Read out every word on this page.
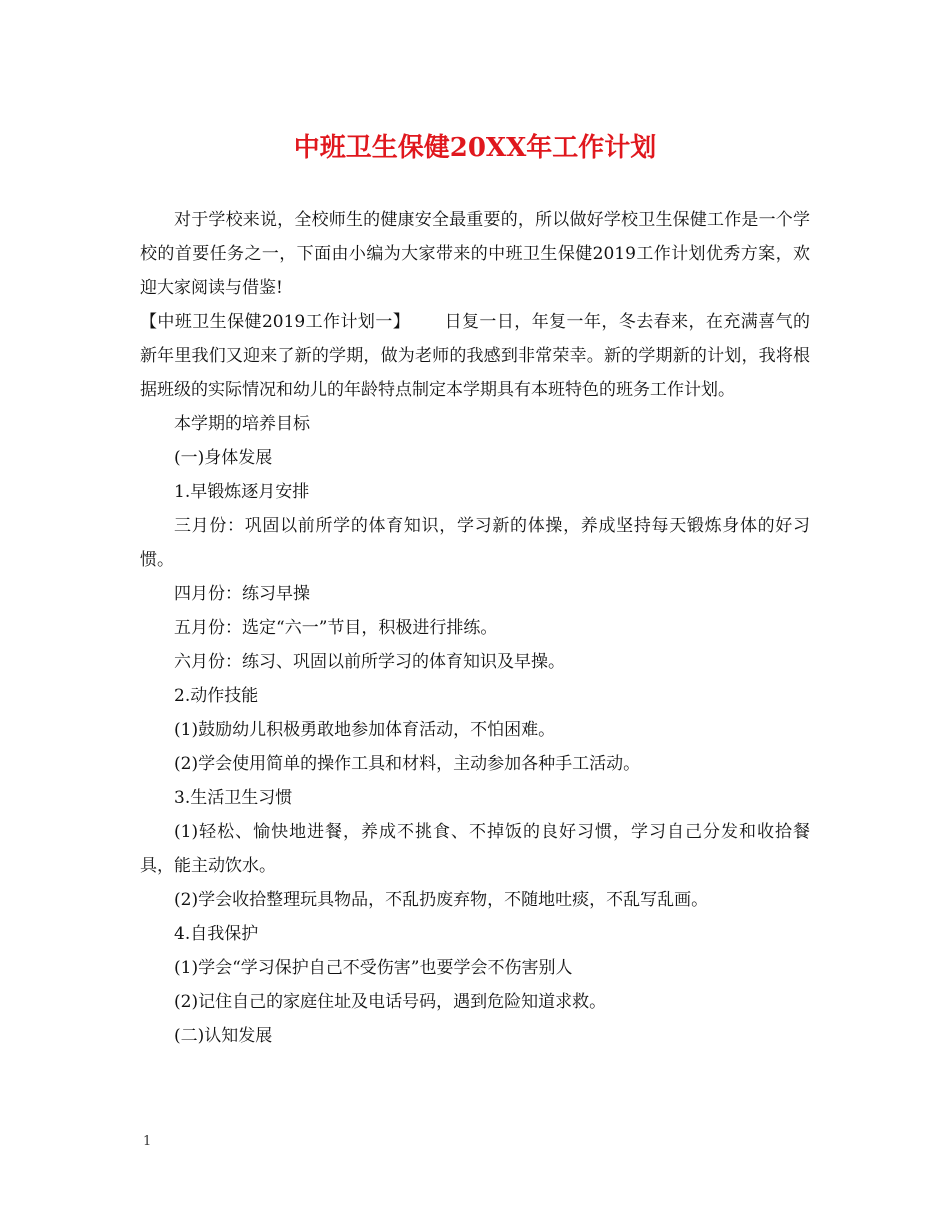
中班卫生保健20XX年工作计划

对于学校来说，全校师生的健康安全最重要的，所以做好学校卫生保健工作是一个学校的首要任务之一，下面由小编为大家带来的中班卫生保健2019工作计划优秀方案，欢迎大家阅读与借鉴!

【中班卫生保健2019工作计划一】 日复一日，年复一年，冬去春来，在充满喜气的新年里我们又迎来了新的学期，做为老师的我感到非常荣幸。新的学期新的计划，我将根据班级的实际情况和幼儿的年龄特点制定本学期具有本班特色的班务工作计划。

本学期的培养目标

(一)身体发展

1.早锻炼逐月安排

三月份：巩固以前所学的体育知识，学习新的体操，养成坚持每天锻炼身体的好习惯。

四月份：练习早操

五月份：选定“六一”节目，积极进行排练。

六月份：练习、巩固以前所学习的体育知识及早操。

2.动作技能

(1)鼓励幼儿积极勇敢地参加体育活动，不怕困难。

(2)学会使用简单的操作工具和材料，主动参加各种手工活动。

3.生活卫生习惯

(1)轻松、愉快地进餐，养成不挑食、不掉饭的良好习惯，学习自己分发和收拾餐具，能主动饮水。

(2)学会收拾整理玩具物品，不乱扔废弃物，不随地吐痰，不乱写乱画。

4.自我保护

(1)学会“学习保护自己不受伤害”也要学会不伤害别人

(2)记住自己的家庭住址及电话号码，遇到危险知道求救。

(二)认知发展

1
